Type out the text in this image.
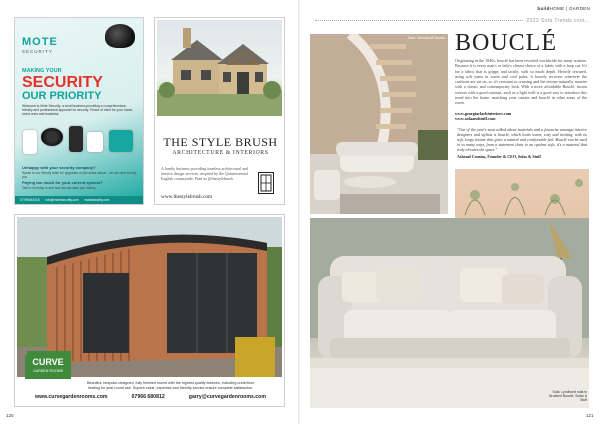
MOTE
SECURITY
MAKING YOUR
SECURITY
OUR PRIORITY
Welcome to Mote Security, a local business providing a comprehensive, friendly and professional approach to security. Peace of mind for your home, loved ones and business.
Unhappy with your security company?
Speak to our friendly team for upgrades or just some advice - we are here to help you.
Paying too much for your current system?
Talk to us today to see how we can save you money.
07799044415 info@motesecurity.com motesecurity.com
THE STYLE BRUSH
ARCHITECTURE & INTERIORS
A family business providing timeless architectural and interior design services, inspired by the Quintessential English countryside. Find us @thestylebrush
www.thestylebrush.com
CURVE
GARDEN ROOMS
Beautiful, bespoke-designed, fully finished rooms with the highest quality features, including underfloor heating for year round use. Superb value, expertise and friendly service ensure complete satisfaction.
www.curvegardenrooms.com	07966 680812	garry@curvegardenrooms.com
120
buildHOME | GARDEN
2023 Sofa Trends cont...
Stair: Woodcraft Studio BOUCLÉ
Originating in the 1940s, bouclé has been revisited worldwide for many reasons. Because it is every man's or lady's closest choice of a fabric with a loop cut. It's for a fabric that is grippy and tactile, with so much depth. Heavily textured, using soft yarns in warm and cool pales, it loosely recovers wherever the cushions are sat on, so it's resistant to creasing and the texture naturally marries with a classic and contemporary look. With a more affordable Bouclé, fusion weaves with a good contrast, such as a light twill is a good way to introduce this trend into the home, matching your curtain and bouclé in other areas of the room.
www.georgiaclarkinteriors.com
www.sofaandstuff.com
"One of the year's most talked about materials and a favourite amongst interior designers and stylists is bouclé, which looks warm, cosy and inviting, with its soft, loopy texture that gives a natural and comfortable feel. Bouclé can be used in so many ways, from a statement chair to an opulent sofa, it's a material that truly elevates the space."
Ashraaf Cousins, Founder & CEO, Sofas & Stuff
Sofa: Lyndhurst sofa in Brushed Bouclé, Sofas & Stuff
121
